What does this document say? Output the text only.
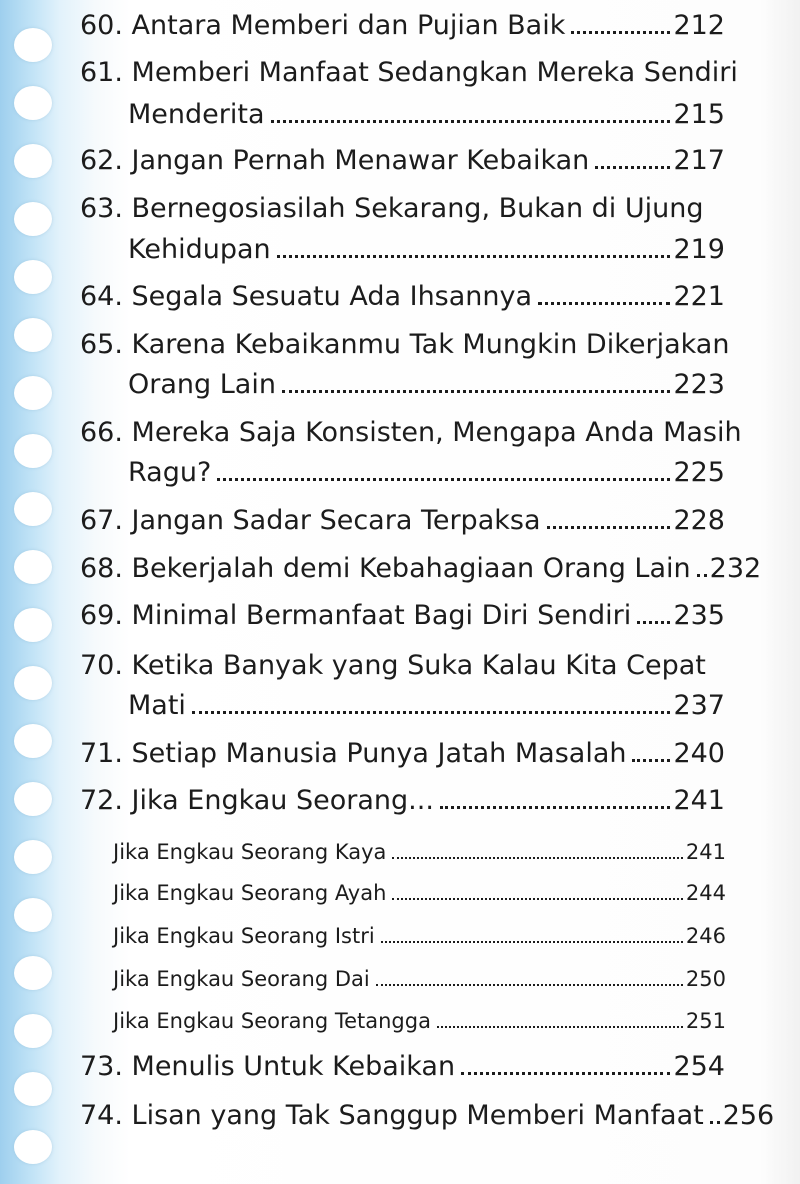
60. Antara Memberi dan Pujian Baik	212
61. Memberi Manfaat Sedangkan Mereka Sendiri
Menderita	215
62. Jangan Pernah Menawar Kebaikan	217
63. Bernegosiasilah Sekarang, Bukan di Ujung
Kehidupan	219
64. Segala Sesuatu Ada Ihsannya	221
65. Karena Kebaikanmu Tak Mungkin Dikerjakan
Orang Lain	223
66. Mereka Saja Konsisten, Mengapa Anda Masih
Ragu?	225
67. Jangan Sadar Secara Terpaksa	228
68. Bekerjalah demi Kebahagiaan Orang Lain 232
69. Minimal Bermanfaat Bagi Diri Sendiri 235
70. Ketika Banyak yang Suka Kalau Kita Cepat
Mati	237
71. Setiap Manusia Punya Jatah Masalah 240
72. Jika Engkau Seorang...	241
Jika Engkau Seorang Kaya	241
Jika Engkau Seorang Ayah	244
Jika Engkau Seorang Istri	246
Jika Engkau Seorang Dai	250
Jika Engkau Seorang Tetangga	251
73. Menulis Untuk Kebaikan	254
74. Lisan yang Tak Sanggup Memberi Manfaat 256
